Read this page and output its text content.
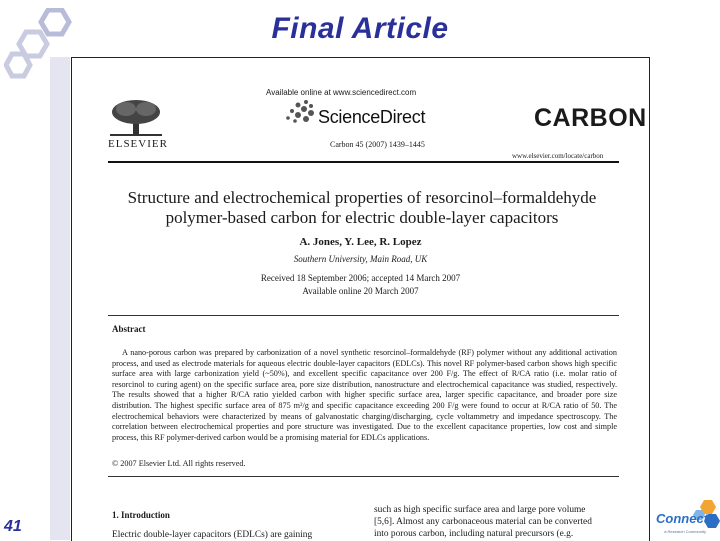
Final Article
Available online at www.sciencedirect.com
ScienceDirect
ELSEVIER	Carbon 45 (2007) 1439–1445
CARBON
www.elsevier.com/locate/carbon
Structure and electrochemical properties of resorcinol–formaldehyde
polymer-based carbon for electric double-layer capacitors
A. Jones, Y. Lee, R. Lopez
Southern University, Main Road, UK
Received 18 September 2006; accepted 14 March 2007
Available online 20 March 2007
Abstract
A nano-porous carbon was prepared by carbonization of a novel synthetic resorcinol–formaldehyde (RF) polymer without any additional activation process, and used as electrode materials for aqueous electric double-layer capacitors (EDLCs). This novel RF polymer-based carbon shows high specific surface area with large carbonization yield (~50%), and excellent specific capacitance over 200 F/g. The effect of R/CA ratio (i.e. molar ratio of resorcinol to curing agent) on the specific surface area, pore size distribution, nanostructure and electrochemical capacitance was studied, respectively. The results showed that a higher R/CA ratio yielded carbon with higher specific surface area, larger specific capacitance, and broader pore size distribution. The highest specific surface area of 875 m²/g and specific capacitance exceeding 200 F/g were found to occur at R/CA ratio of 50. The electrochemical behaviors were characterized by means of galvanostatic charging/discharging, cycle voltammetry and impedance spectroscopy. The correlation between electrochemical properties and pore structure was investigated. Due to the excellent capacitance properties, low cost and simple process, this RF polymer-derived carbon would be a promising material for EDLCs applications.
© 2007 Elsevier Ltd. All rights reserved.
1. Introduction
Electric double-layer capacitors (EDLCs) are gaining
such as high specific surface area and large pore volume
[5,6]. Almost any carbonaceous material can be converted
into porous carbon, including natural precursors (e.g.
41	Connect
a Research Community
